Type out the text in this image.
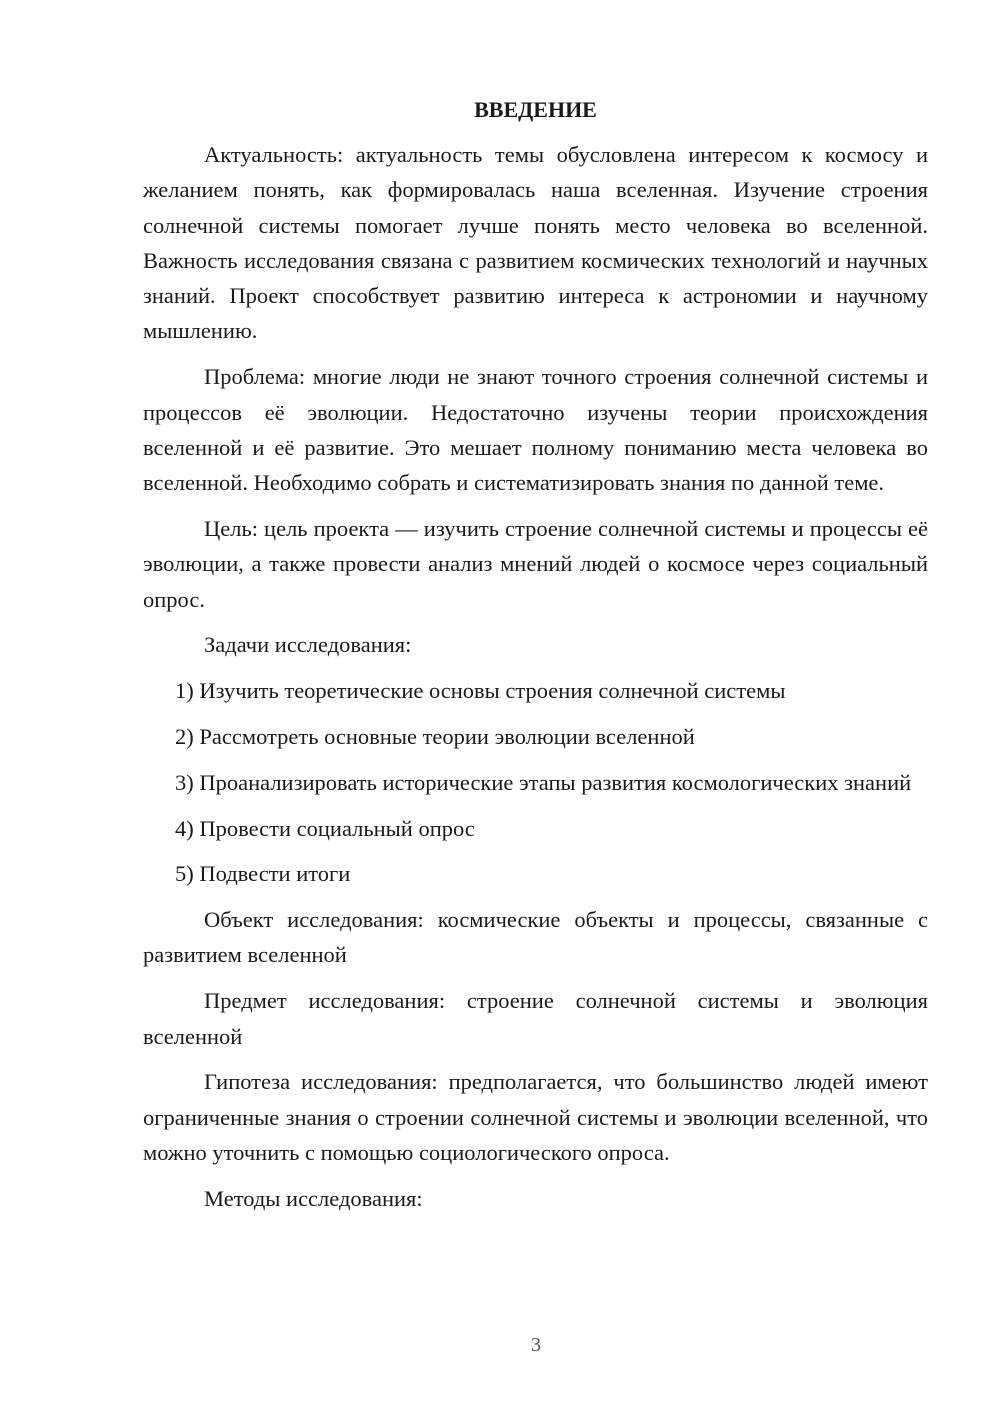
ВВЕДЕНИЕ

Актуальность: актуальность темы обусловлена интересом к космосу и желанием понять, как формировалась наша вселенная. Изучение строения солнечной системы помогает лучше понять место человека во вселенной. Важность исследования связана с развитием космических технологий и научных знаний. Проект способствует развитию интереса к астрономии и научному мышлению.

Проблема: многие люди не знают точного строения солнечной системы и процессов её эволюции. Недостаточно изучены теории происхождения вселенной и её развитие. Это мешает полному пониманию места человека во вселенной. Необходимо собрать и систематизировать знания по данной теме.

Цель: цель проекта — изучить строение солнечной системы и процессы её эволюции, а также провести анализ мнений людей о космосе через социальный опрос.

Задачи исследования:

1) Изучить теоретические основы строения солнечной системы

2) Рассмотреть основные теории эволюции вселенной

3) Проанализировать исторические этапы развития космологических знаний

4) Провести социальный опрос

5) Подвести итоги

Объект исследования: космические объекты и процессы, связанные с развитием вселенной

Предмет исследования: строение солнечной системы и эволюция вселенной

Гипотеза исследования: предполагается, что большинство людей имеют ограниченные знания о строении солнечной системы и эволюции вселенной, что можно уточнить с помощью социологического опроса.

Методы исследования:

3
